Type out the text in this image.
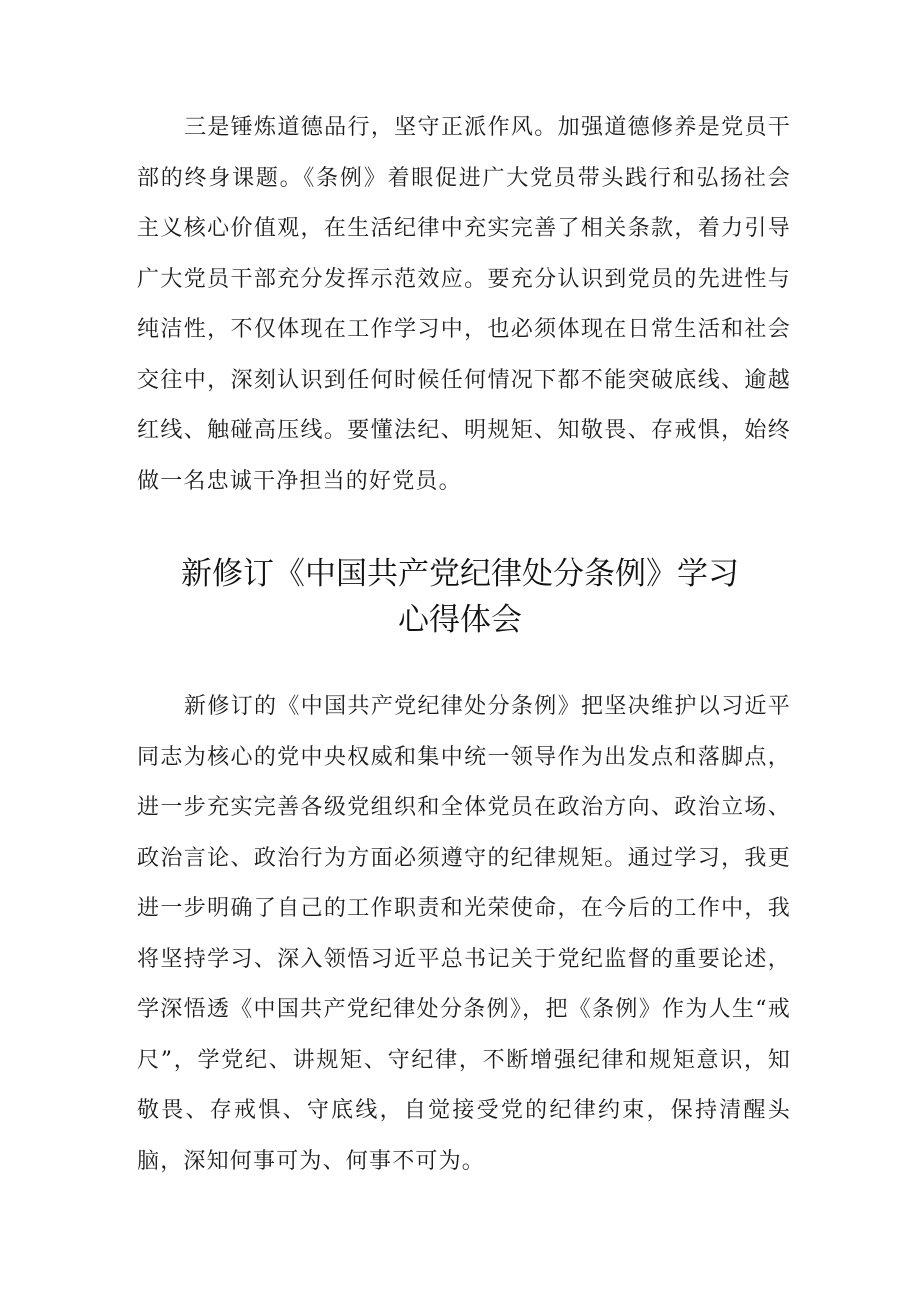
三是锤炼道德品行，坚守正派作风。加强道德修养是党员干部的终身课题。《条例》着眼促进广大党员带头践行和弘扬社会主义核心价值观，在生活纪律中充实完善了相关条款，着力引导广大党员干部充分发挥示范效应。要充分认识到党员的先进性与纯洁性，不仅体现在工作学习中，也必须体现在日常生活和社会交往中，深刻认识到任何时候任何情况下都不能突破底线、逾越红线、触碰高压线。要懂法纪、明规矩、知敬畏、存戒惧，始终做一名忠诚干净担当的好党员。

新修订《中国共产党纪律处分条例》学习
心得体会

新修订的《中国共产党纪律处分条例》把坚决维护以习近平同志为核心的党中央权威和集中统一领导作为出发点和落脚点，进一步充实完善各级党组织和全体党员在政治方向、政治立场、政治言论、政治行为方面必须遵守的纪律规矩。通过学习，我更进一步明确了自己的工作职责和光荣使命，在今后的工作中，我将坚持学习、深入领悟习近平总书记关于党纪监督的重要论述，学深悟透《中国共产党纪律处分条例》，把《条例》作为人生“戒尺”，学党纪、讲规矩、守纪律，不断增强纪律和规矩意识，知敬畏、存戒惧、守底线，自觉接受党的纪律约束，保持清醒头脑，深知何事可为、何事不可为。
